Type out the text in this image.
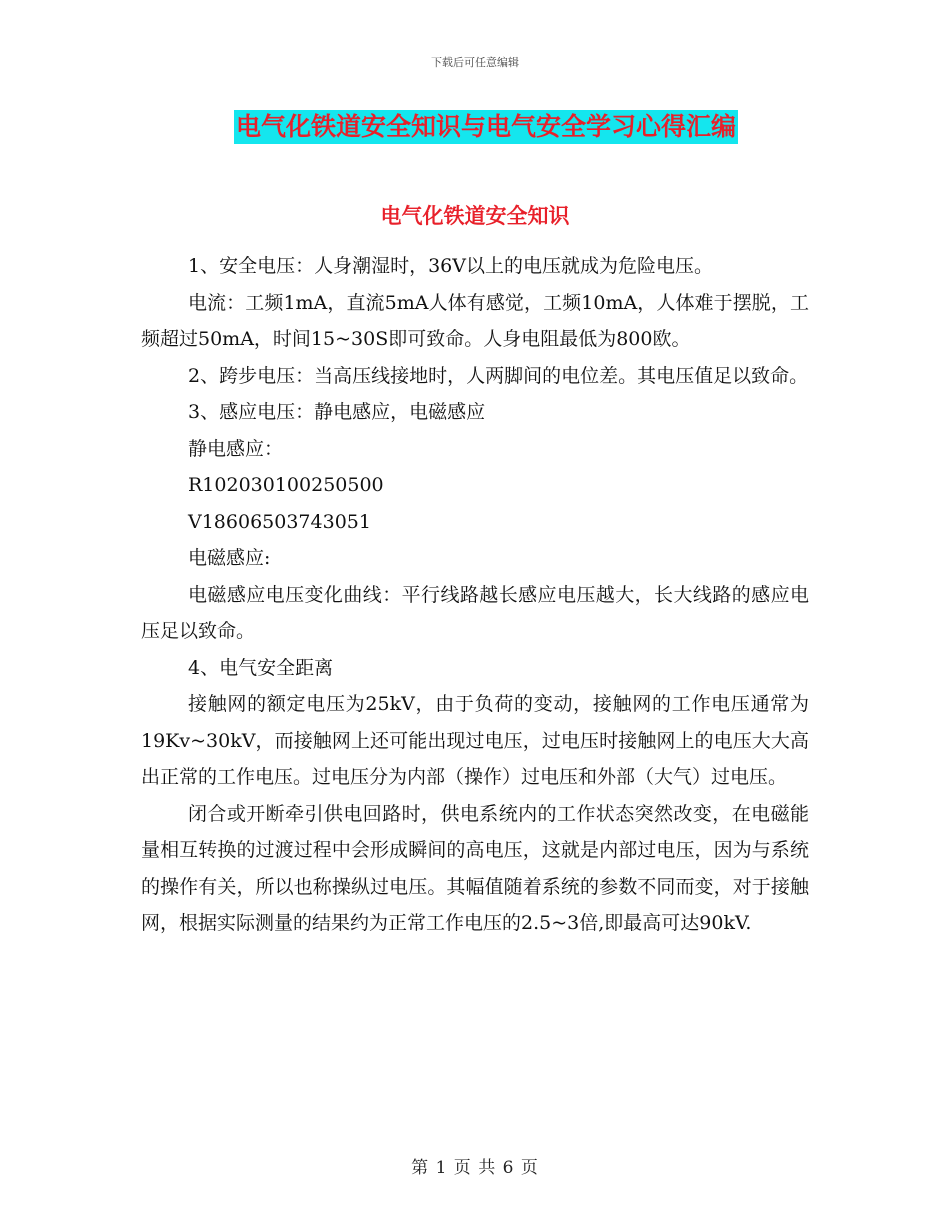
下载后可任意编辑
电气化铁道安全知识与电气安全学习心得汇编
电气化铁道安全知识

1、安全电压：人身潮湿时，36V以上的电压就成为危险电压。

电流：工频1mA，直流5mA人体有感觉，工频10mA，人体难于摆脱，工频超过50mA，时间15~30S即可致命。人身电阻最低为800欧。

2、跨步电压：当高压线接地时，人两脚间的电位差。其电压值足以致命。

3、感应电压：静电感应，电磁感应

静电感应：

R102030100250500

V18606503743051

电磁感应:

电磁感应电压变化曲线：平行线路越长感应电压越大，长大线路的感应电压足以致命。

4、电气安全距离

接触网的额定电压为25kV，由于负荷的变动，接触网的工作电压通常为19Kv~30kV，而接触网上还可能出现过电压，过电压时接触网上的电压大大高出正常的工作电压。过电压分为内部（操作）过电压和外部（大气）过电压。

闭合或开断牵引供电回路时，供电系统内的工作状态突然改变，在电磁能量相互转换的过渡过程中会形成瞬间的高电压，这就是内部过电压，因为与系统的操作有关，所以也称操纵过电压。其幅值随着系统的参数不同而变，对于接触网，根据实际测量的结果约为正常工作电压的2.5~3倍,即最高可达90kV.

第 1 页 共 6 页
